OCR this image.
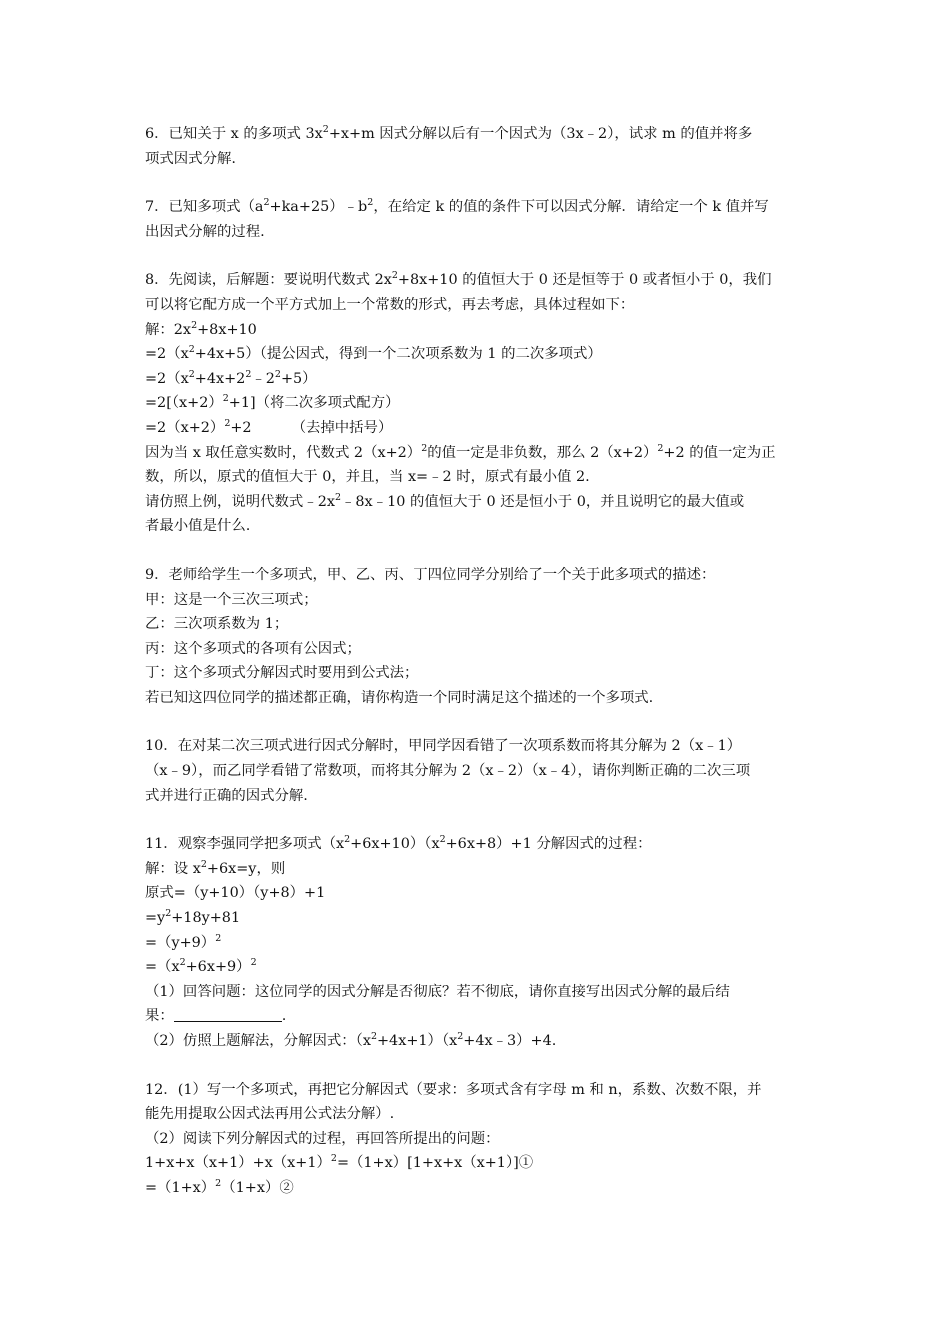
6．已知关于 x 的多项式 $3x^2+x+m$ 因式分解以后有一个因式为（3x﹣2），试求 m 的值并将多
项式因式分解.
7．已知多项式$(a^2+ka+25)﹣b^2$，在给定 k 的值的条件下可以因式分解．请给定一个 k 值并写
出因式分解的过程.
8．先阅读，后解题：要说明代数式 $2x^2+8x+10$ 的值恒大于 0 还是恒等于 0 或者恒小于 0，我们
可以将它配方成一个平方式加上一个常数的形式，再去考虑，具体过程如下：
解：$2x^2+8x+10$
$=2(x^2+4x+5)$（提公因式，得到一个二次项系数为 1 的二次多项式）
$=2(x^2+4x+2^2﹣2^2+5)$
$=2[(x+2)^2+1]$（将二次多项式配方）
$=2(x+2)^2+2$	（去掉中括号）
因为当 x 取任意实数时，代数式 $2(x+2)^2$的值一定是非负数，那么 $2(x+2)^2+2$ 的值一定为正
数，所以，原式的值恒大于 0，并且，当 x=﹣2 时，原式有最小值 2.
请仿照上例，说明代数式$﹣2x^2﹣8x﹣10$ 的值恒大于 0 还是恒小于 0，并且说明它的最大值或
者最小值是什么.
9．老师给学生一个多项式，甲、乙、丙、丁四位同学分别给了一个关于此多项式的描述：
甲：这是一个三次三项式；
乙：三次项系数为 1；
丙：这个多项式的各项有公因式；
丁：这个多项式分解因式时要用到公式法；
若已知这四位同学的描述都正确，请你构造一个同时满足这个描述的一个多项式.
10．在对某二次三项式进行因式分解时，甲同学因看错了一次项系数而将其分解为 2（x﹣1）
（x﹣9），而乙同学看错了常数项，而将其分解为 2（x﹣2）（x﹣4），请你判断正确的二次三项
式并进行正确的因式分解.
11．观察李强同学把多项式$(x^2+6x+10)(x^2+6x+8)+1$ 分解因式的过程：
解：设 $x^2+6x=y$，则
原式=（y+10）（y+8）+1
$=y^2+18y+81$
$=(y+9)^2$
$=(x^2+6x+9)^2$
（1）回答问题：这位同学的因式分解是否彻底？若不彻底，请你直接写出因式分解的最后结
果：	.
（2）仿照上题解法，分解因式：$(x^2+4x+1)(x^2+4x﹣3)+4$.
12．(1）写一个多项式，再把它分解因式（要求：多项式含有字母 m 和 n，系数、次数不限，并
能先用提取公因式法再用公式法分解）.
（2）阅读下列分解因式的过程，再回答所提出的问题：
$1+x+x(x+1)+x(x+1)^2=(1+x)[1+x+x(x+1)]①$
$=(1+x)^2(1+x)②$
